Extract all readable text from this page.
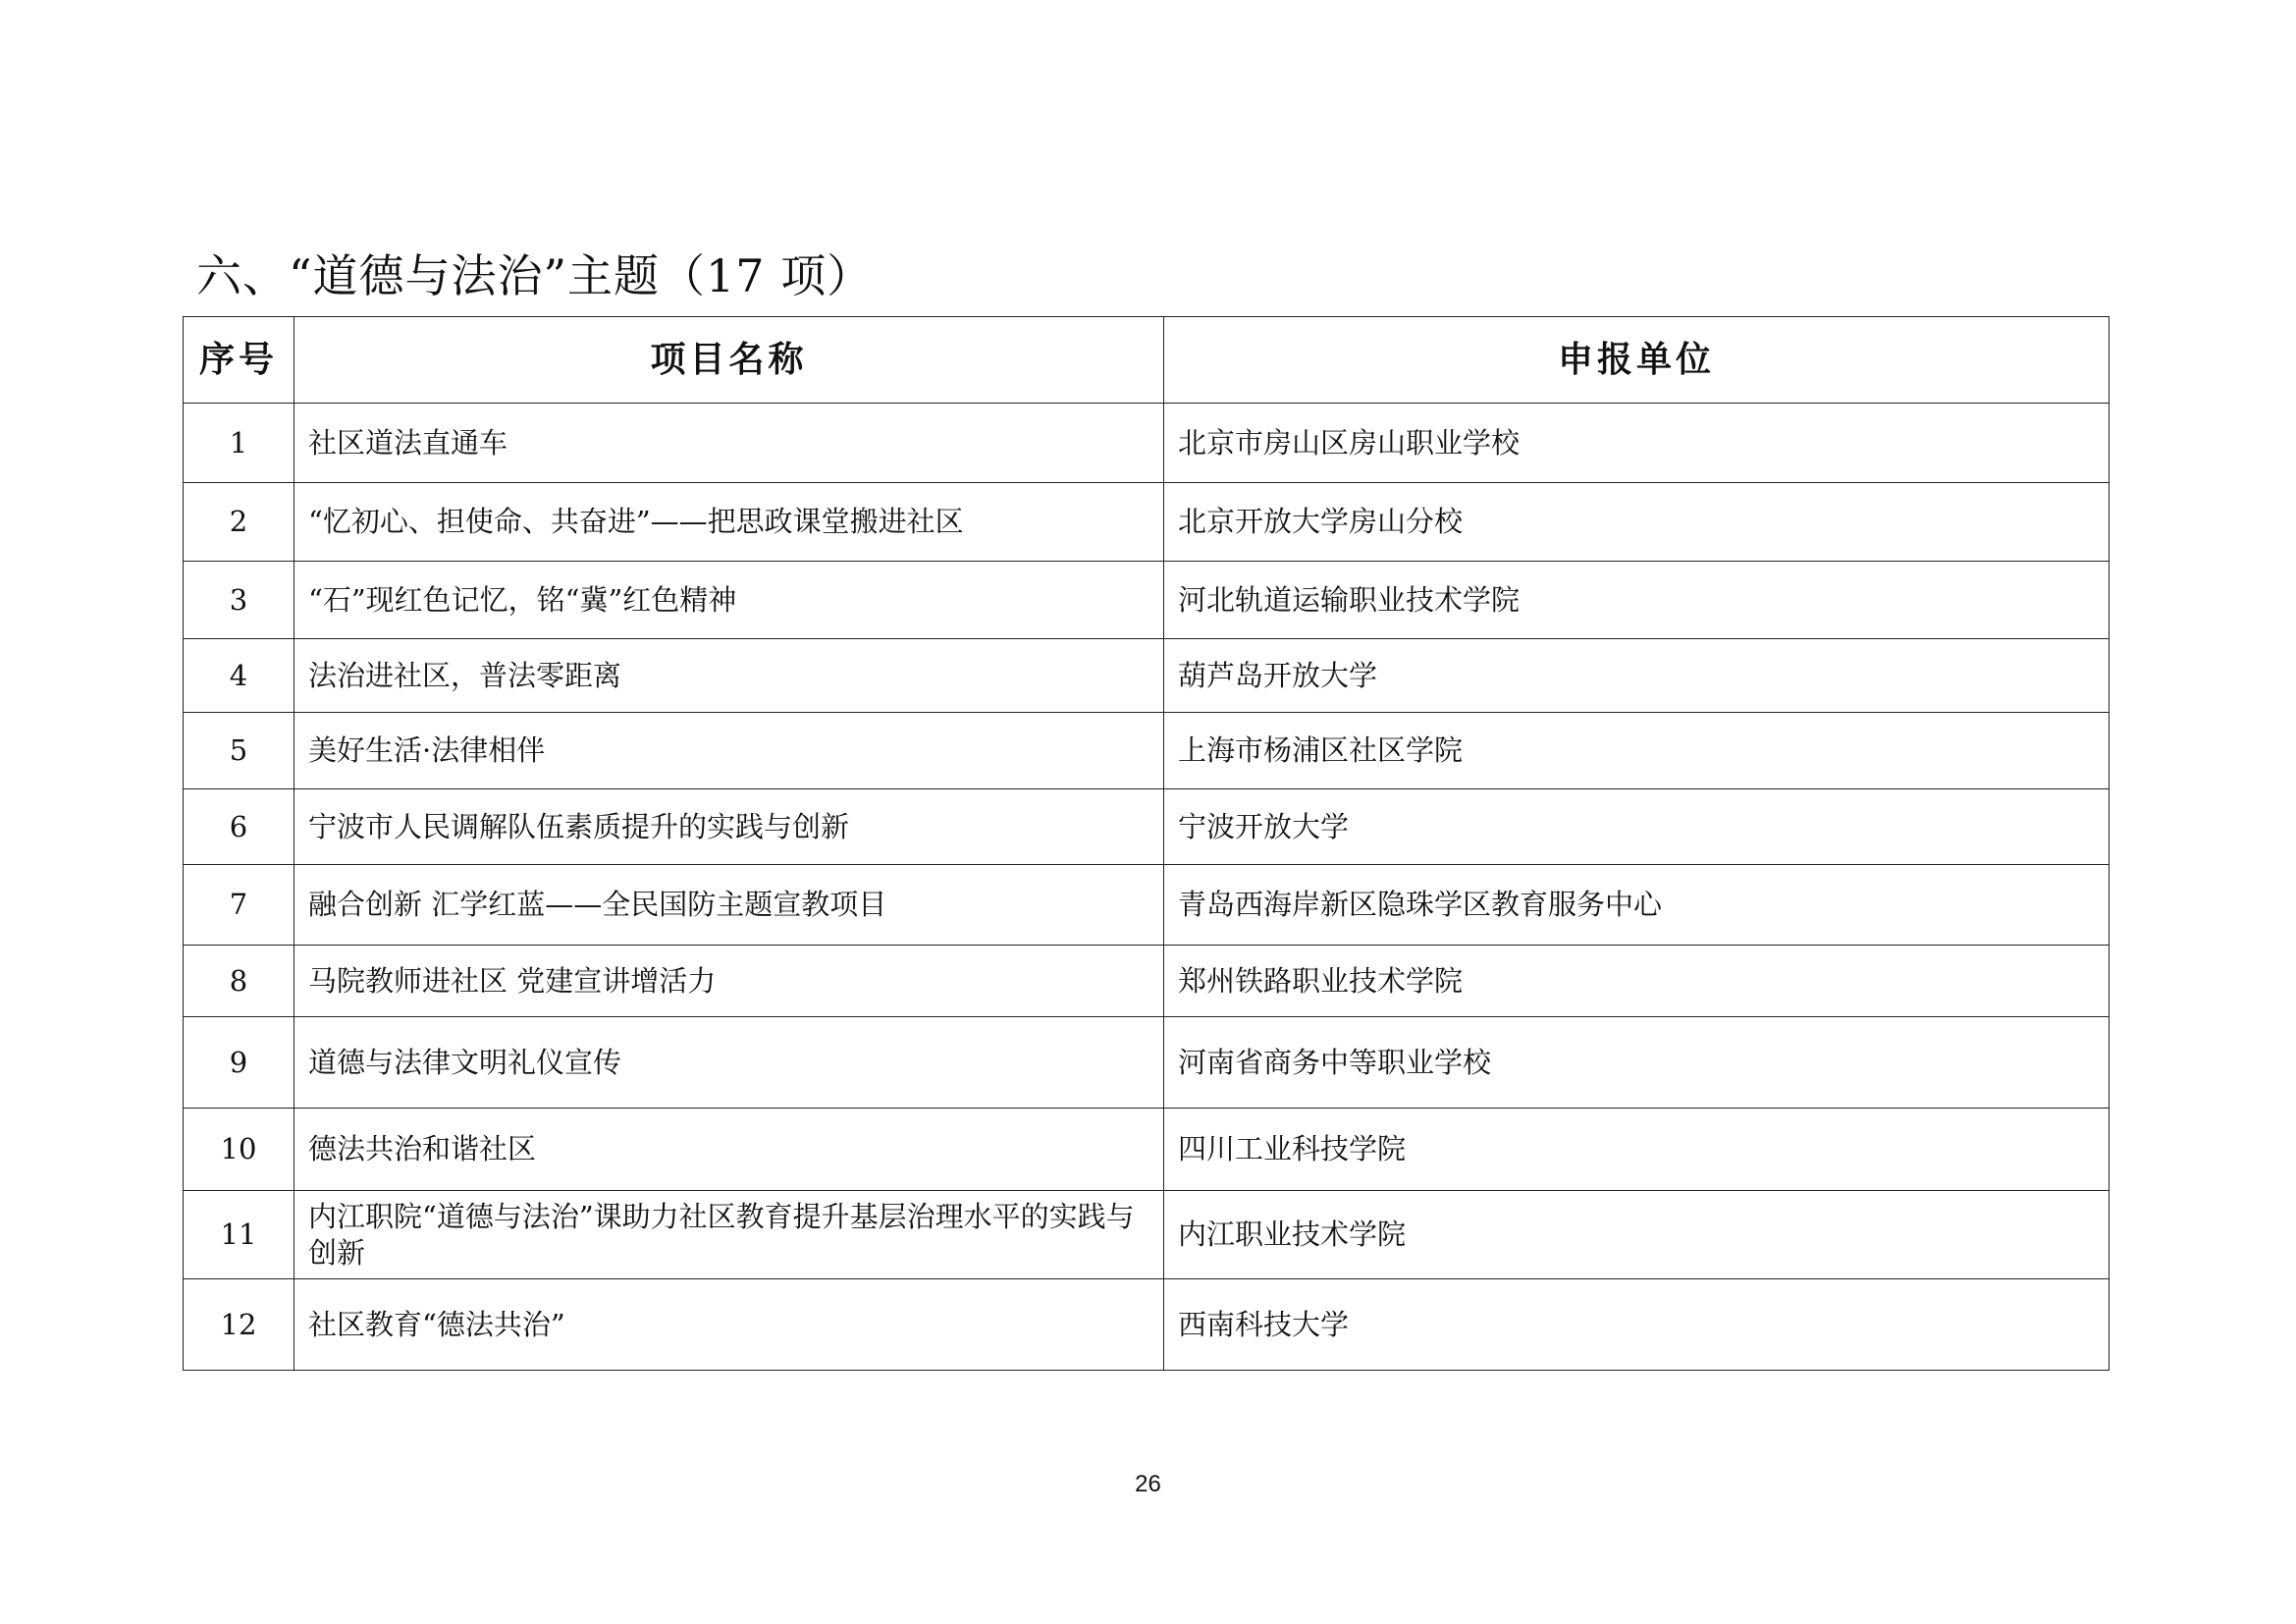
六、“道德与法治”主题（17 项）
序号	项目名称	申报单位
1	社区道法直通车	北京市房山区房山职业学校
2	“忆初心、担使命、共奋进”——把思政课堂搬进社区	北京开放大学房山分校
3	“石”现红色记忆，铭“冀”红色精神	河北轨道运输职业技术学院
4	法治进社区，普法零距离	葫芦岛开放大学
5	美好生活·法律相伴	上海市杨浦区社区学院
6	宁波市人民调解队伍素质提升的实践与创新	宁波开放大学
7	融合创新 汇学红蓝——全民国防主题宣教项目	青岛西海岸新区隐珠学区教育服务中心
8	马院教师进社区 党建宣讲增活力	郑州铁路职业技术学院
9	道德与法律文明礼仪宣传	河南省商务中等职业学校
10	德法共治和谐社区	四川工业科技学院
11	内江职院“道德与法治”课助力社区教育提升基层治理水平的实践与创新	内江职业技术学院
12	社区教育“德法共治”	西南科技大学
26
